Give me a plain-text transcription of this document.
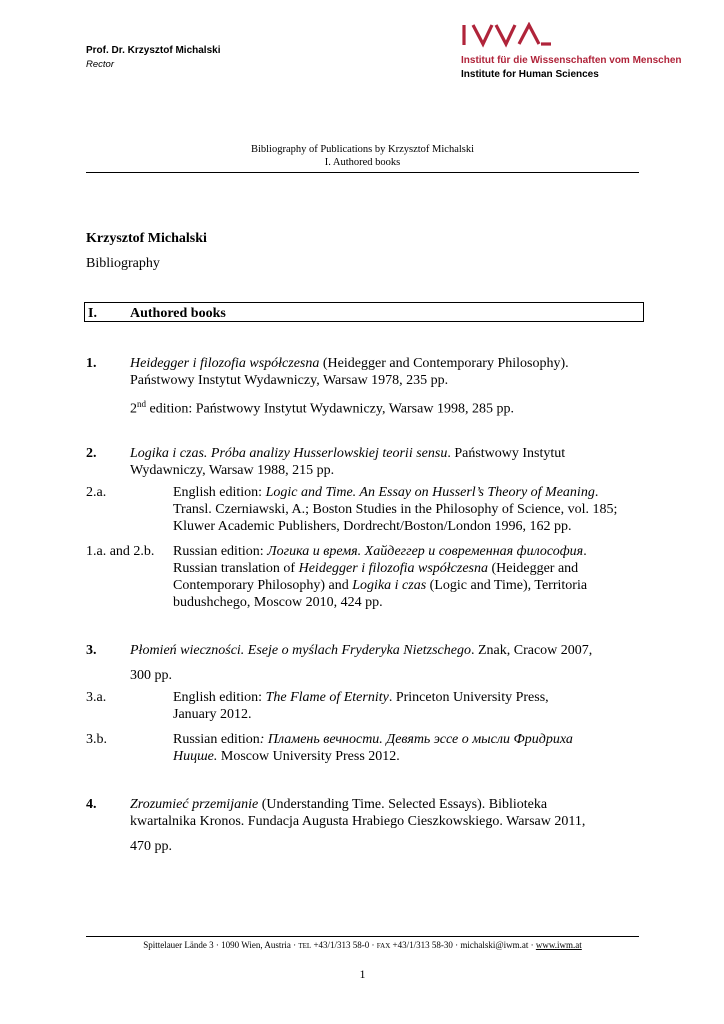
Prof. Dr. Krzysztof Michalski
Rector	Institut für die Wissenschaften vom Menschen
Institute for Human Sciences
Bibliography of Publications by Krzysztof Michalski
I. Authored books
Krzysztof Michalski
Bibliography
I. Authored books
1. Heidegger i filozofia współczesna (Heidegger and Contemporary Philosophy).
Państwowy Instytut Wydawniczy, Warsaw 1978, 235 pp.
2nd edition: Państwowy Instytut Wydawniczy, Warsaw 1998, 285 pp.
2. Logika i czas. Próba analizy Husserlowskiej teorii sensu. Państwowy Instytut
Wydawniczy, Warsaw 1988, 215 pp.
2.a.	English edition: Logic and Time. An Essay on Husserl’s Theory of Meaning.
Transl. Czerniawski, A.; Boston Studies in the Philosophy of Science, vol. 185;
Kluwer Academic Publishers, Dordrecht/Boston/London 1996, 162 pp.
1.a. and 2.b. Russian edition: Логика и время. Хайдеггер и современная философия.
Russian translation of Heidegger i filozofia współczesna (Heidegger and
Contemporary Philosophy) and Logika i czas (Logic and Time), Territoria
budushchego, Moscow 2010, 424 pp.
3. Płomień wieczności. Eseje o myślach Fryderyka Nietzschego. Znak, Cracow 2007,
300 pp.
3.a.	English edition: The Flame of Eternity. Princeton University Press,
January 2012.
3.b.	Russian edition: Пламень вечности. Девять эссе о мысли Фридриха
Ницше. Moscow University Press 2012.
4. Zrozumieć przemijanie (Understanding Time. Selected Essays). Biblioteka
kwartalnika Kronos. Fundacja Augusta Hrabiego Cieszkowskiego. Warsaw 2011,
470 pp.
Spittelauer Lände 3 · 1090 Wien, Austria · TEL +43/1/313 58-0 · FAX +43/1/313 58-30 · michalski@iwm.at · www.iwm.at
1
